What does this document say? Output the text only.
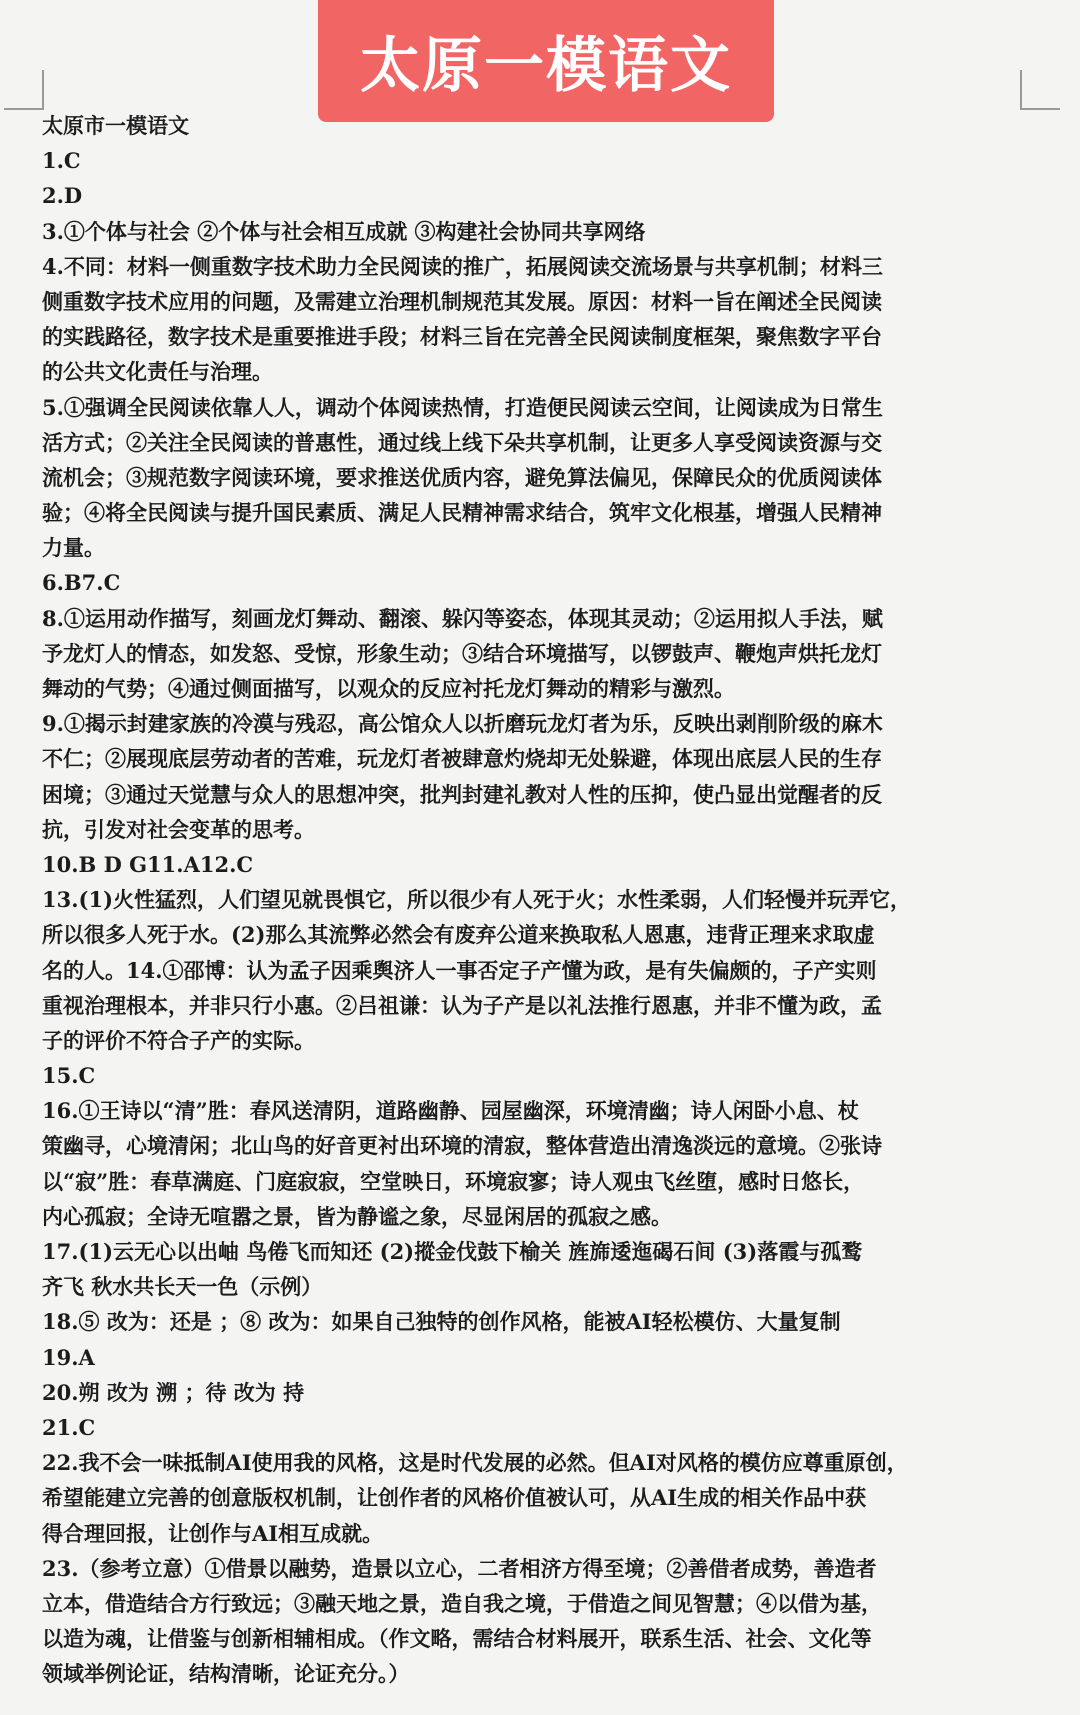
太原一模语文
太原市一模语文
1.C
2.D
3.①个体与社会 ②个体与社会相互成就 ③构建社会协同共享网络
4.不同：材料一侧重数字技术助力全民阅读的推广，拓展阅读交流场景与共享机制；材料三
侧重数字技术应用的问题，及需建立治理机制规范其发展。原因：材料一旨在阐述全民阅读
的实践路径，数字技术是重要推进手段；材料三旨在完善全民阅读制度框架，聚焦数字平台
的公共文化责任与治理。
5.①强调全民阅读依靠人人，调动个体阅读热情，打造便民阅读云空间，让阅读成为日常生
活方式；②关注全民阅读的普惠性，通过线上线下朵共享机制，让更多人享受阅读资源与交
流机会；③规范数字阅读环境，要求推送优质内容，避免算法偏见，保障民众的优质阅读体
验；④将全民阅读与提升国民素质、满足人民精神需求结合，筑牢文化根基，增强人民精神
力量。
6.B7.C
8.①运用动作描写，刻画龙灯舞动、翻滚、躲闪等姿态，体现其灵动；②运用拟人手法，赋
予龙灯人的情态，如发怒、受惊，形象生动；③结合环境描写，以锣鼓声、鞭炮声烘托龙灯
舞动的气势；④通过侧面描写，以观众的反应衬托龙灯舞动的精彩与激烈。
9.①揭示封建家族的冷漠与残忍，高公馆众人以折磨玩龙灯者为乐，反映出剥削阶级的麻木
不仁；②展现底层劳动者的苦难，玩龙灯者被肆意灼烧却无处躲避，体现出底层人民的生存
困境；③通过天觉慧与众人的思想冲突，批判封建礼教对人性的压抑，使凸显出觉醒者的反
抗，引发对社会变革的思考。
10.B D G11.A12.C
13.(1)火性猛烈，人们望见就畏惧它，所以很少有人死于火；水性柔弱，人们轻慢并玩弄它，
所以很多人死于水。(2)那么其流弊必然会有废弃公道来换取私人恩惠，违背正理来求取虚
名的人。14.①邵博：认为孟子因乘舆济人一事否定子产懂为政，是有失偏颇的，子产实则
重视治理根本，并非只行小惠。②吕祖谦：认为子产是以礼法推行恩惠，并非不懂为政，孟
子的评价不符合子产的实际。
15.C
16.①王诗以“清”胜：春风送清阴，道路幽静、园屋幽深，环境清幽；诗人闲卧小息、杖
策幽寻，心境清闲；北山鸟的好音更衬出环境的清寂，整体营造出清逸淡远的意境。②张诗
以“寂”胜：春草满庭、门庭寂寂，空堂映日，环境寂寥；诗人观虫飞丝堕，感时日悠长，
内心孤寂；全诗无喧嚣之景，皆为静谧之象，尽显闲居的孤寂之感。
17.(1)云无心以出岫 鸟倦飞而知还 (2)摐金伐鼓下榆关 旌旆逶迤碣石间 (3)落霞与孤鹜
齐飞 秋水共长天一色（示例）
18.⑤ 改为：还是 ；⑧ 改为：如果自己独特的创作风格，能被AI轻松模仿、大量复制
19.A
20.朔 改为 溯 ；待 改为 持
21.C
22.我不会一味抵制AI使用我的风格，这是时代发展的必然。但AI对风格的模仿应尊重原创，
希望能建立完善的创意版权机制，让创作者的风格价值被认可，从AI生成的相关作品中获
得合理回报，让创作与AI相互成就。
23.（参考立意）①借景以融势，造景以立心，二者相济方得至境；②善借者成势，善造者
立本，借造结合方行致远；③融天地之景，造自我之境，于借造之间见智慧；④以借为基，
以造为魂，让借鉴与创新相辅相成。（作文略，需结合材料展开，联系生活、社会、文化等
领域举例论证，结构清晰，论证充分。）
